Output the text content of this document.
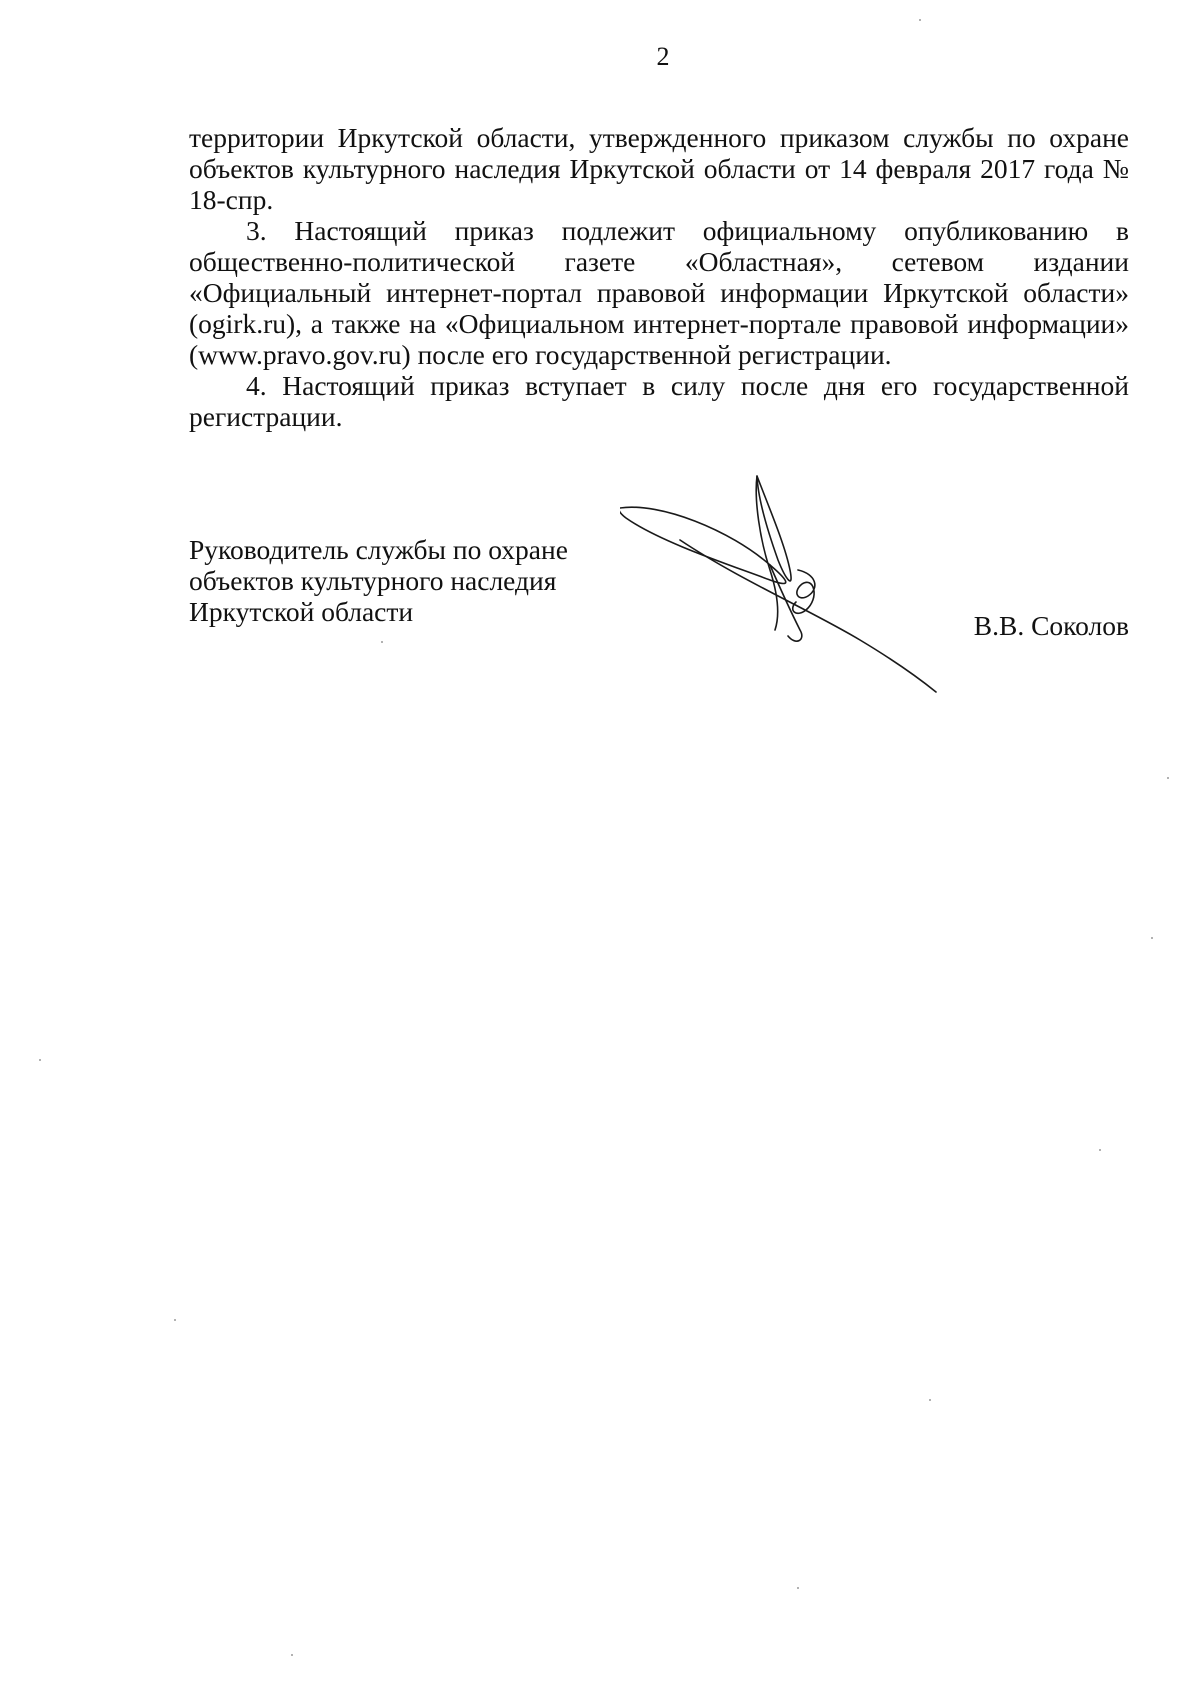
2

территории Иркутской области, утвержденного приказом службы по охране объектов культурного наследия Иркутской области от 14 февраля 2017 года № 18-спр.

3. Настоящий приказ подлежит официальному опубликованию в общественно-политической газете «Областная», сетевом издании «Официальный интернет-портал правовой информации Иркутской области» (ogirk.ru), а также на «Официальном интернет-портале правовой информации» (www.pravo.gov.ru) после его государственной регистрации.

4. Настоящий приказ вступает в силу после дня его государственной регистрации.

Руководитель службы по охране
объектов культурного наследия
Иркутской области	В.В. Соколов
